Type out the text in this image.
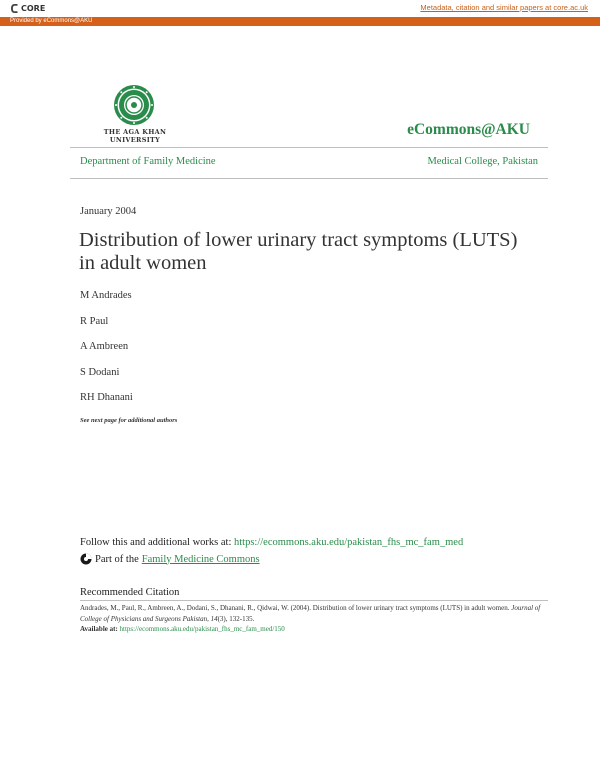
CORE	Metadata, citation and similar papers at core.ac.uk
Provided by eCommons@AKU
THE AGA KHAN UNIVERSITY
eCommons@AKU
Department of Family Medicine	Medical College, Pakistan
January 2004
Distribution of lower urinary tract symptoms (LUTS) in adult women
M Andrades
R Paul
A Ambreen
S Dodani
RH Dhanani
See next page for additional authors
Follow this and additional works at: https://ecommons.aku.edu/pakistan_fhs_mc_fam_med
Part of the Family Medicine Commons
Recommended Citation
Andrades, M., Paul, R., Ambreen, A., Dodani, S., Dhanani, R., Qidwai, W. (2004). Distribution of lower urinary tract symptoms (LUTS) in adult women. Journal of College of Physicians and Surgeons Pakistan, 14(3), 132-135.
Available at: https://ecommons.aku.edu/pakistan_fhs_mc_fam_med/150
